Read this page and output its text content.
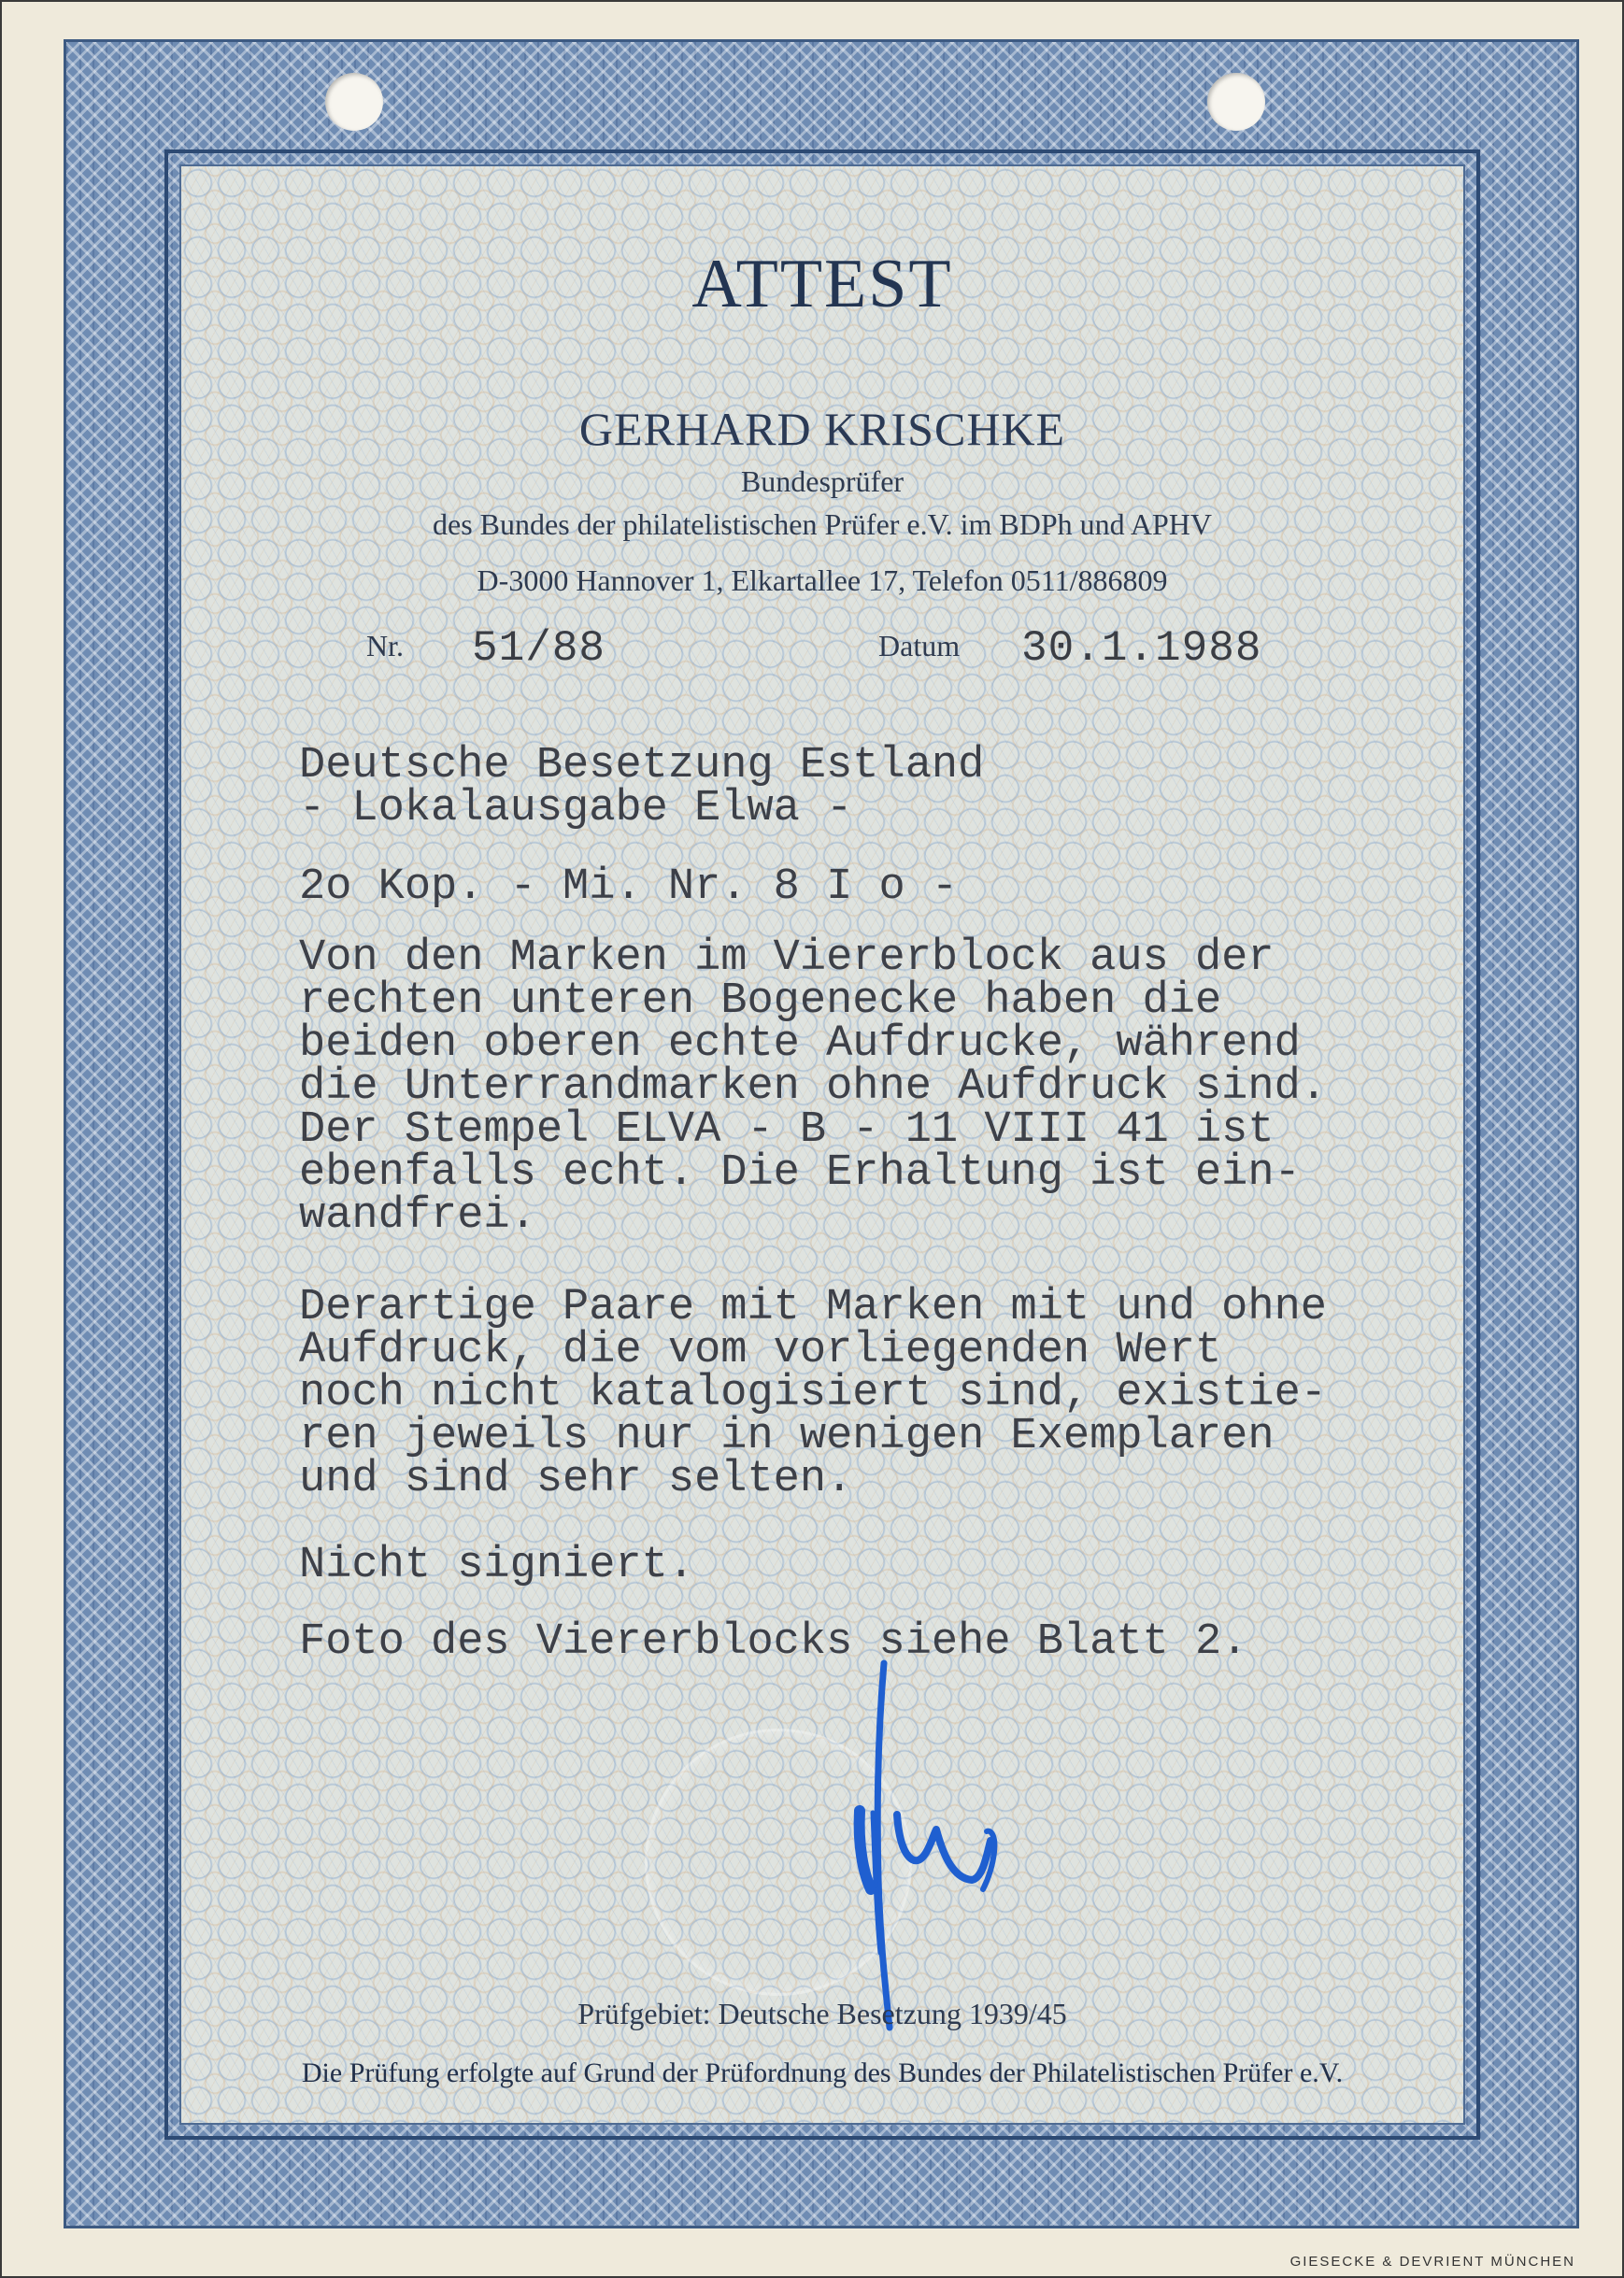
ATTEST
GERHARD KRISCHKE
Bundesprüfer
des Bundes der philatelistischen Prüfer e.V. im BDPh und APHV
D-3000 Hannover 1, Elkartallee 17, Telefon 0511/886809
Nr. 51/88	Datum 30.1.1988
Deutsche Besetzung Estland
- Lokalausgabe Elwa -
2o Kop. - Mi. Nr. 8 I o -
Von den Marken im Viererblock aus der
rechten unteren Bogenecke haben die
beiden oberen echte Aufdrucke, während
die Unterrandmarken ohne Aufdruck sind.
Der Stempel ELVA - B - 11 VIII 41 ist
ebenfalls echt. Die Erhaltung ist ein-
wandfrei.
Derartige Paare mit Marken mit und ohne
Aufdruck, die vom vorliegenden Wert
noch nicht katalogisiert sind, existie-
ren jeweils nur in wenigen Exemplaren
und sind sehr selten.
Nicht signiert.
Foto des Viererblocks siehe Blatt 2.
Prüfgebiet: Deutsche Besetzung 1939/45
Die Prüfung erfolgte auf Grund der Prüfordnung des Bundes der Philatelistischen Prüfer e.V.
GIESECKE & DEVRIENT MÜNCHEN
